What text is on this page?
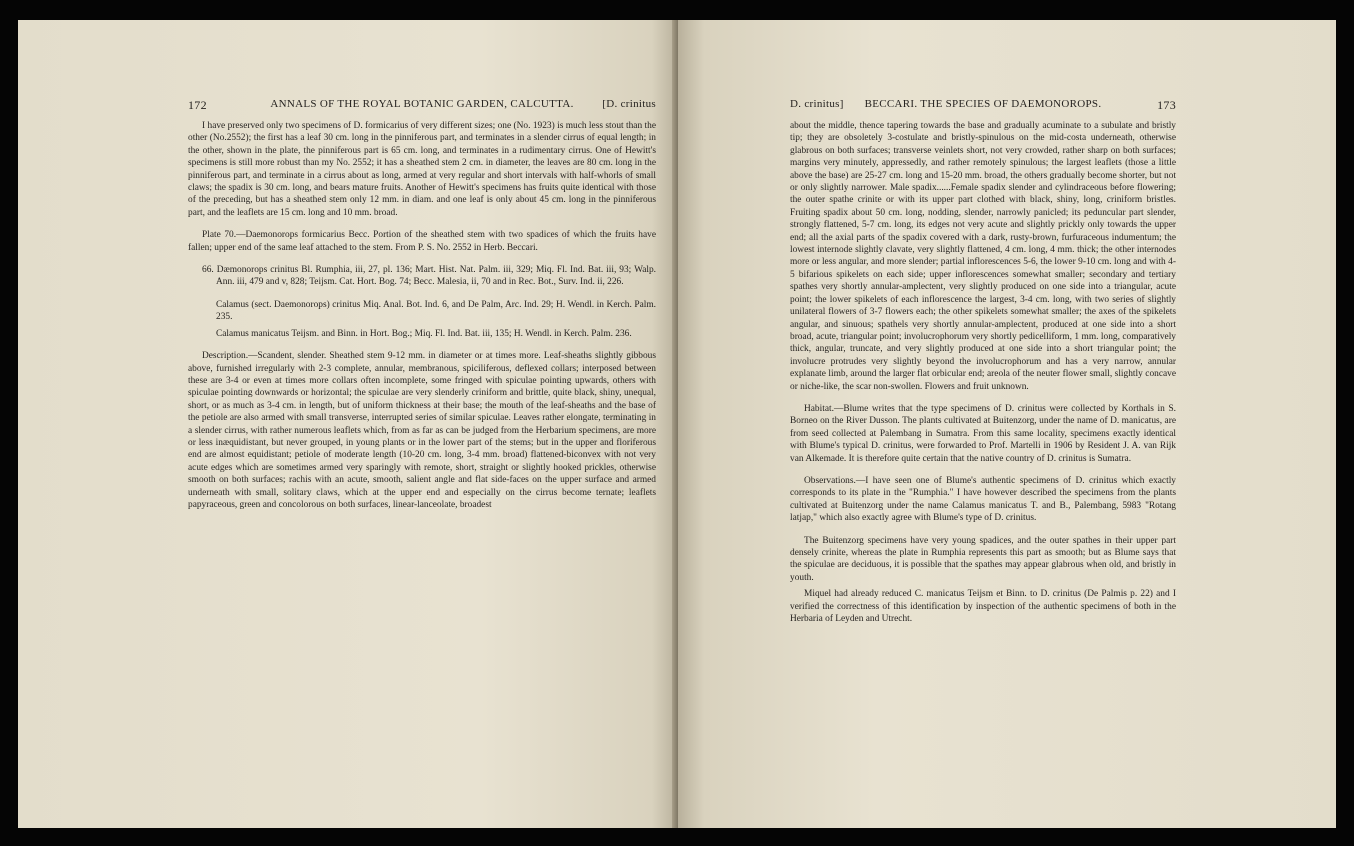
172	ANNALS OF THE ROYAL BOTANIC GARDEN, CALCUTTA.	[D. crinitus

I have preserved only two specimens of D. formicarius of very different sizes; one (No. 1923) is much less stout than the other (No.2552); the first has a leaf 30 cm. long in the pinniferous part, and terminates in a slender cirrus of equal length; in the other, shown in the plate, the pinniferous part is 65 cm. long, and terminates in a rudimentary cirrus. One of Hewitt's specimens is still more robust than my No. 2552; it has a sheathed stem 2 cm. in diameter, the leaves are 80 cm. long in the pinniferous part, and terminate in a cirrus about as long, armed at very regular and short intervals with half-whorls of small claws; the spadix is 30 cm. long, and bears mature fruits. Another of Hewitt's specimens has fruits quite identical with those of the preceding, but has a sheathed stem only 12 mm. in diam. and one leaf is only about 45 cm. long in the pinniferous part, and the leaflets are 15 cm. long and 10 mm. broad.

Plate 70.—Daemonorops formicarius Becc. Portion of the sheathed stem with two spadices of which the fruits have fallen; upper end of the same leaf attached to the stem. From P. S. No. 2552 in Herb. Beccari.

66. Dæmonorops crinitus Bl. Rumphia, iii, 27, pl. 136; Mart. Hist. Nat. Palm. iii, 329; Miq. Fl. Ind. Bat. iii, 93; Walp. Ann. iii, 479 and v, 828; Teijsm. Cat. Hort. Bog. 74; Becc. Malesia, ii, 70 and in Rec. Bot., Surv. Ind. ii, 226.

Calamus (sect. Daemonorops) crinitus Miq. Anal. Bot. Ind. 6, and De Palm, Arc. Ind. 29; H. Wendl. in Kerch. Palm. 235.

Calamus manicatus Teijsm. and Binn. in Hort. Bog.; Miq. Fl. Ind. Bat. iii, 135; H. Wendl. in Kerch. Palm. 236.

Description.—Scandent, slender. Sheathed stem 9-12 mm. in diameter or at times more. Leaf-sheaths slightly gibbous above, furnished irregularly with 2-3 complete, annular, membranous, spiciliferous, deflexed collars; interposed between these are 3-4 or even at times more collars often incomplete, some fringed with spiculae pointing upwards, others with spiculae pointing downwards or horizontal; the spiculae are very slenderly criniform and brittle, quite black, shiny, unequal, short, or as much as 3-4 cm. in length, but of uniform thickness at their base; the mouth of the leaf-sheaths and the base of the petiole are also armed with small transverse, interrupted series of similar spiculae. Leaves rather elongate, terminating in a slender cirrus, with rather numerous leaflets which, from as far as can be judged from the Herbarium specimens, are more or less inæquidistant, but never grouped, in young plants or in the lower part of the stems; but in the upper and floriferous end are almost equidistant; petiole of moderate length (10-20 cm. long, 3-4 mm. broad) flattened-biconvex with not very acute edges which are sometimes armed very sparingly with remote, short, straight or slightly hooked prickles, otherwise smooth on both surfaces; rachis with an acute, smooth, salient angle and flat side-faces on the upper surface and armed underneath with small, solitary claws, which at the upper end and especially on the cirrus become ternate; leaflets papyraceous, green and concolorous on both surfaces, linear-lanceolate, broadest

D. crinitus]	BECCARI. THE SPECIES OF DAEMONOROPS.	173

about the middle, thence tapering towards the base and gradually acuminate to a subulate and bristly tip; they are obsoletely 3-costulate and bristly-spinulous on the mid-costa underneath, otherwise glabrous on both surfaces; transverse veinlets short, not very crowded, rather sharp on both surfaces; margins very minutely, appressedly, and rather remotely spinulous; the largest leaflets (those a little above the base) are 25-27 cm. long and 15-20 mm. broad, the others gradually become shorter, but not or only slightly narrower. Male spadix......Female spadix slender and cylindraceous before flowering; the outer spathe crinite or with its upper part clothed with black, shiny, long, criniform bristles. Fruiting spadix about 50 cm. long, nodding, slender, narrowly panicled; its peduncular part slender, strongly flattened, 5-7 cm. long, its edges not very acute and slightly prickly only towards the upper end; all the axial parts of the spadix covered with a dark, rusty-brown, furfuraceous indumentum; the lowest internode slightly clavate, very slightly flattened, 4 cm. long, 4 mm. thick; the other internodes more or less angular, and more slender; partial inflorescences 5-6, the lower 9-10 cm. long and with 4-5 bifarious spikelets on each side; upper inflorescences somewhat smaller; secondary and tertiary spathes very shortly annular-amplectent, very slightly produced on one side into a triangular, acute point; the lower spikelets of each inflorescence the largest, 3-4 cm. long, with two series of slightly unilateral flowers of 3-7 flowers each; the other spikelets somewhat smaller; the axes of the spikelets angular, and sinuous; spathels very shortly annular-amplectent, produced at one side into a short broad, acute, triangular point; involucrophorum very shortly pedicelliform, 1 mm. long, comparatively thick, angular, truncate, and very slightly produced at one side into a short triangular point; the involucre protrudes very slightly beyond the involucrophorum and has a very narrow, annular explanate limb, around the larger flat orbicular end; areola of the neuter flower small, slightly concave or niche-like, the scar non-swollen. Flowers and fruit unknown.

Habitat.—Blume writes that the type specimens of D. crinitus were collected by Korthals in S. Borneo on the River Dusson. The plants cultivated at Buitenzorg, under the name of D. manicatus, are from seed collected at Palembang in Sumatra. From this same locality, specimens exactly identical with Blume's typical D. crinitus, were forwarded to Prof. Martelli in 1906 by Resident J. A. van Rijk van Alkemade. It is therefore quite certain that the native country of D. crinitus is Sumatra.

Observations.—I have seen one of Blume's authentic specimens of D. crinitus which exactly corresponds to its plate in the "Rumphia." I have however described the specimens from the plants cultivated at Buitenzorg under the name Calamus manicatus T. and B., Palembang, 5983 "Rotang latjap," which also exactly agree with Blume's type of D. crinitus.

The Buitenzorg specimens have very young spadices, and the outer spathes in their upper part densely crinite, whereas the plate in Rumphia represents this part as smooth; but as Blume says that the spiculae are deciduous, it is possible that the spathes may appear glabrous when old, and bristly in youth.

Miquel had already reduced C. manicatus Teijsm et Binn. to D. crinitus (De Palmis p. 22) and I verified the correctness of this identification by inspection of the authentic specimens of both in the Herbaria of Leyden and Utrecht.
